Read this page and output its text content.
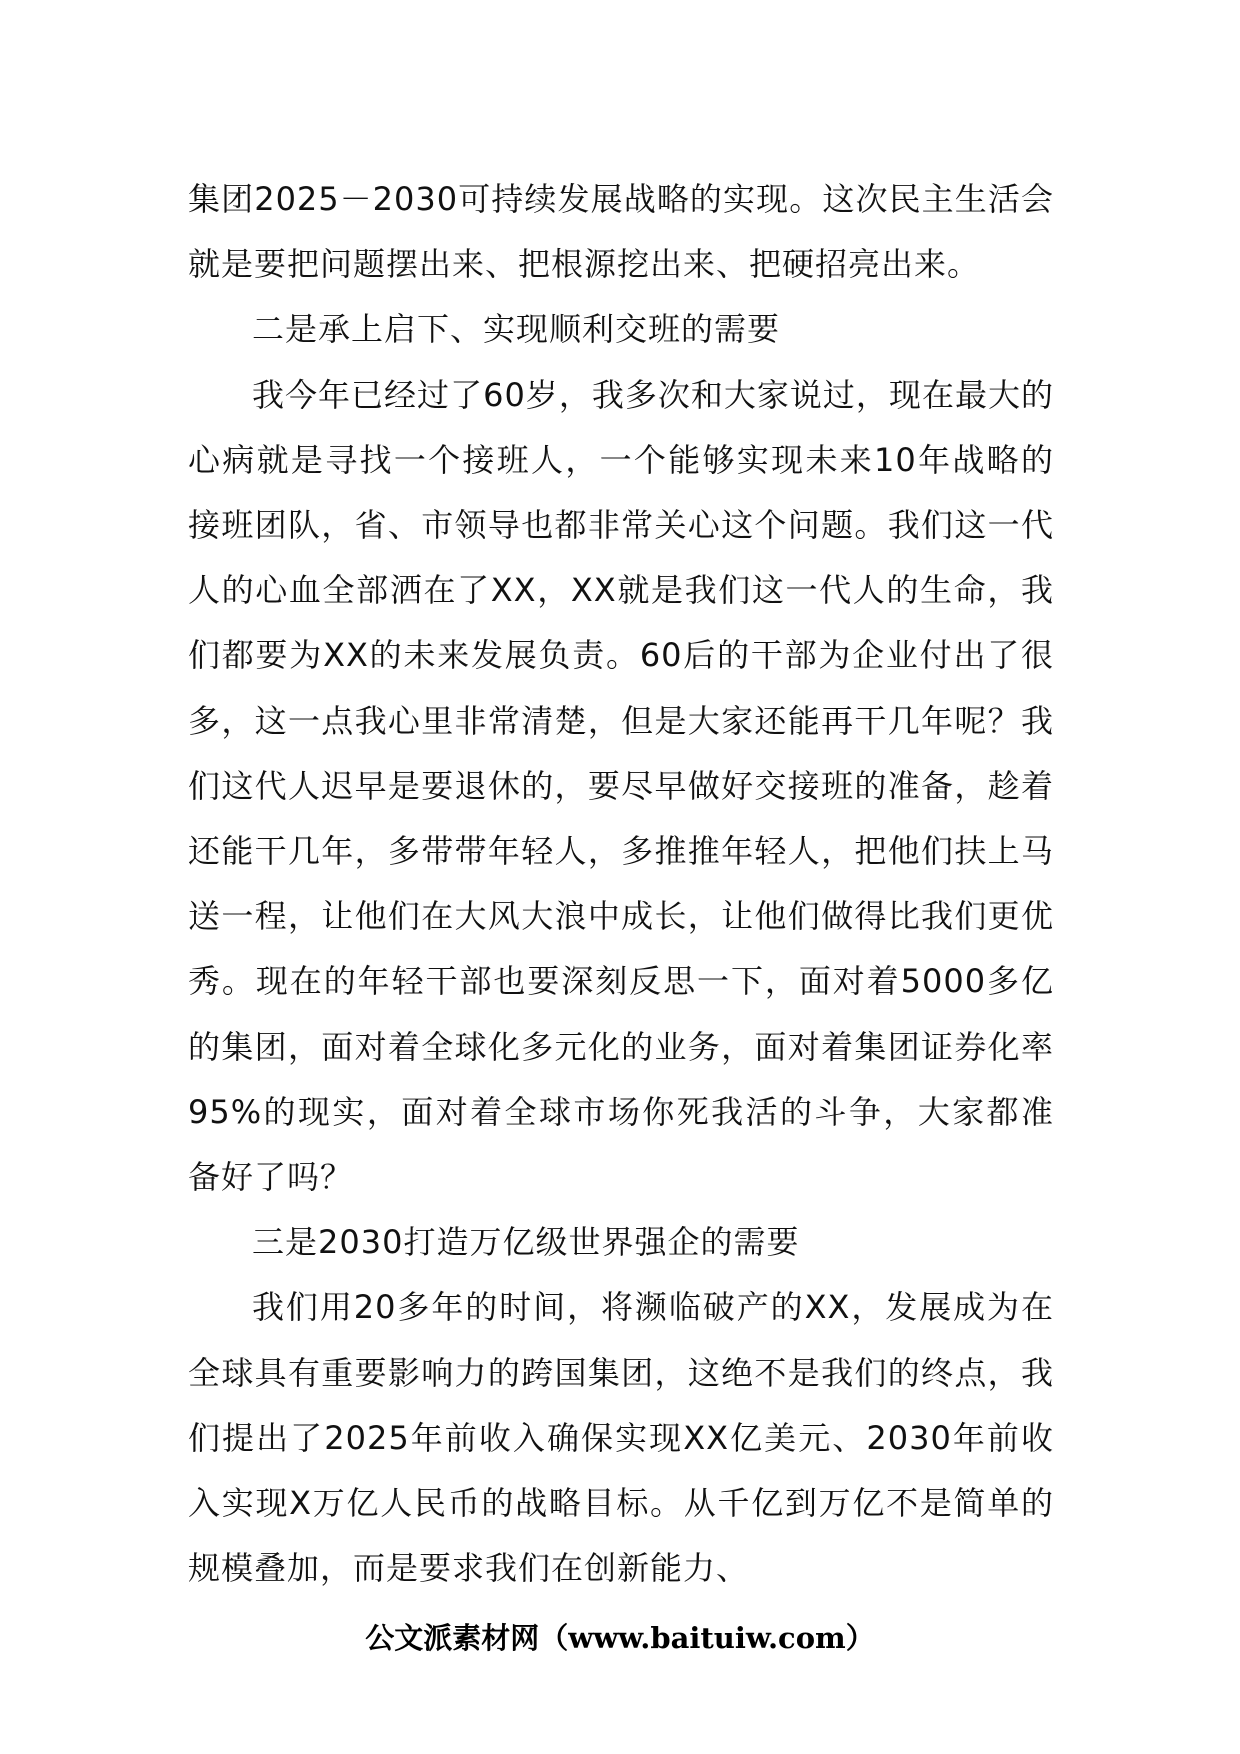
集团2025－2030可持续发展战略的实现。这次民主生活会就是要把问题摆出来、把根源挖出来、把硬招亮出来。

二是承上启下、实现顺利交班的需要

我今年已经过了60岁，我多次和大家说过，现在最大的心病就是寻找一个接班人，一个能够实现未来10年战略的接班团队，省、市领导也都非常关心这个问题。我们这一代人的心血全部洒在了XX，XX就是我们这一代人的生命，我们都要为XX的未来发展负责。60后的干部为企业付出了很多，这一点我心里非常清楚，但是大家还能再干几年呢？我们这代人迟早是要退休的，要尽早做好交接班的准备，趁着还能干几年，多带带年轻人，多推推年轻人，把他们扶上马送一程，让他们在大风大浪中成长，让他们做得比我们更优秀。现在的年轻干部也要深刻反思一下，面对着5000多亿的集团，面对着全球化多元化的业务，面对着集团证券化率95%的现实，面对着全球市场你死我活的斗争，大家都准备好了吗？

三是2030打造万亿级世界强企的需要

我们用20多年的时间，将濒临破产的XX，发展成为在全球具有重要影响力的跨国集团，这绝不是我们的终点，我们提出了2025年前收入确保实现XX亿美元、2030年前收入实现X万亿人民币的战略目标。从千亿到万亿不是简单的规模叠加，而是要求我们在创新能力、

公文派素材网（www.baituiw.com）
